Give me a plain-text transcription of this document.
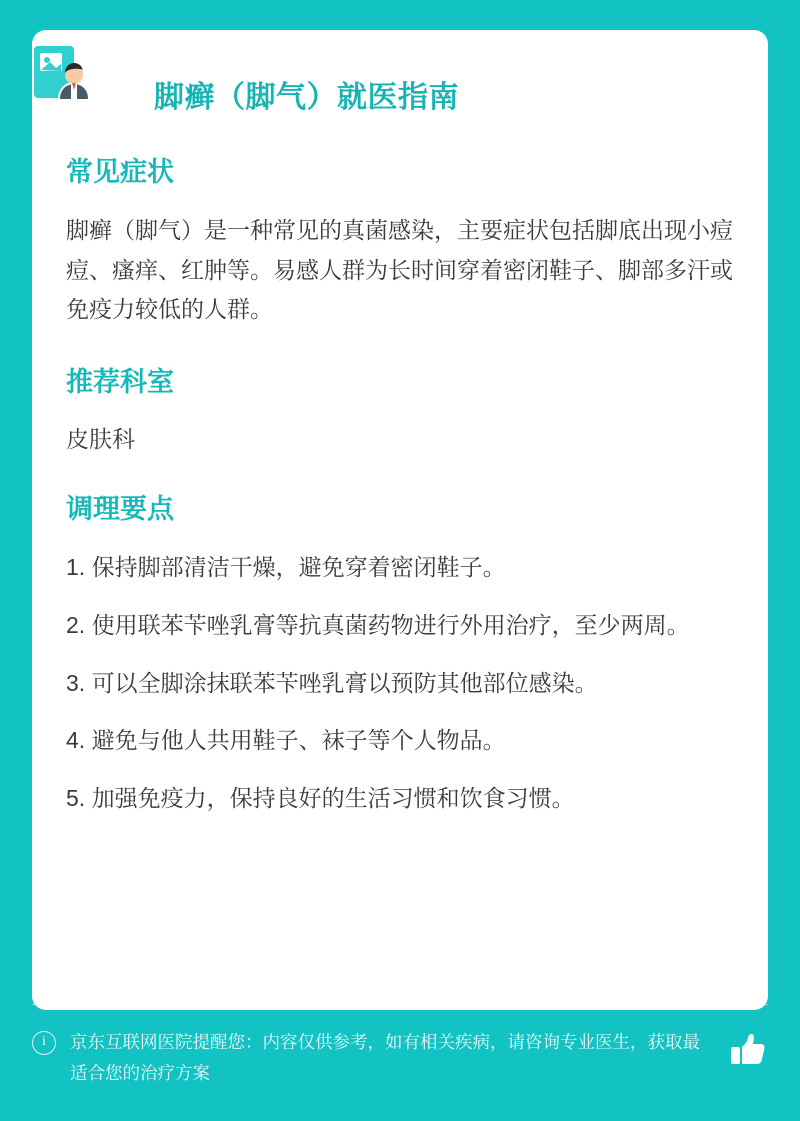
脚癣（脚气）就医指南
常见症状

脚癣（脚气）是一种常见的真菌感染，主要症状包括脚底出现小痘痘、瘙痒、红肿等。易感人群为长时间穿着密闭鞋子、脚部多汗或免疫力较低的人群。

推荐科室
皮肤科
调理要点
1. 保持脚部清洁干燥，避免穿着密闭鞋子。
2. 使用联苯苄唑乳膏等抗真菌药物进行外用治疗，至少两周。
3. 可以全脚涂抹联苯苄唑乳膏以预防其他部位感染。
4. 避免与他人共用鞋子、袜子等个人物品。
5. 加强免疫力，保持良好的生活习惯和饮食习惯。
i	京东互联网医院提醒您：内容仅供参考，如有相关疾病，请咨询专业医生，获取最适合您的治疗方案
